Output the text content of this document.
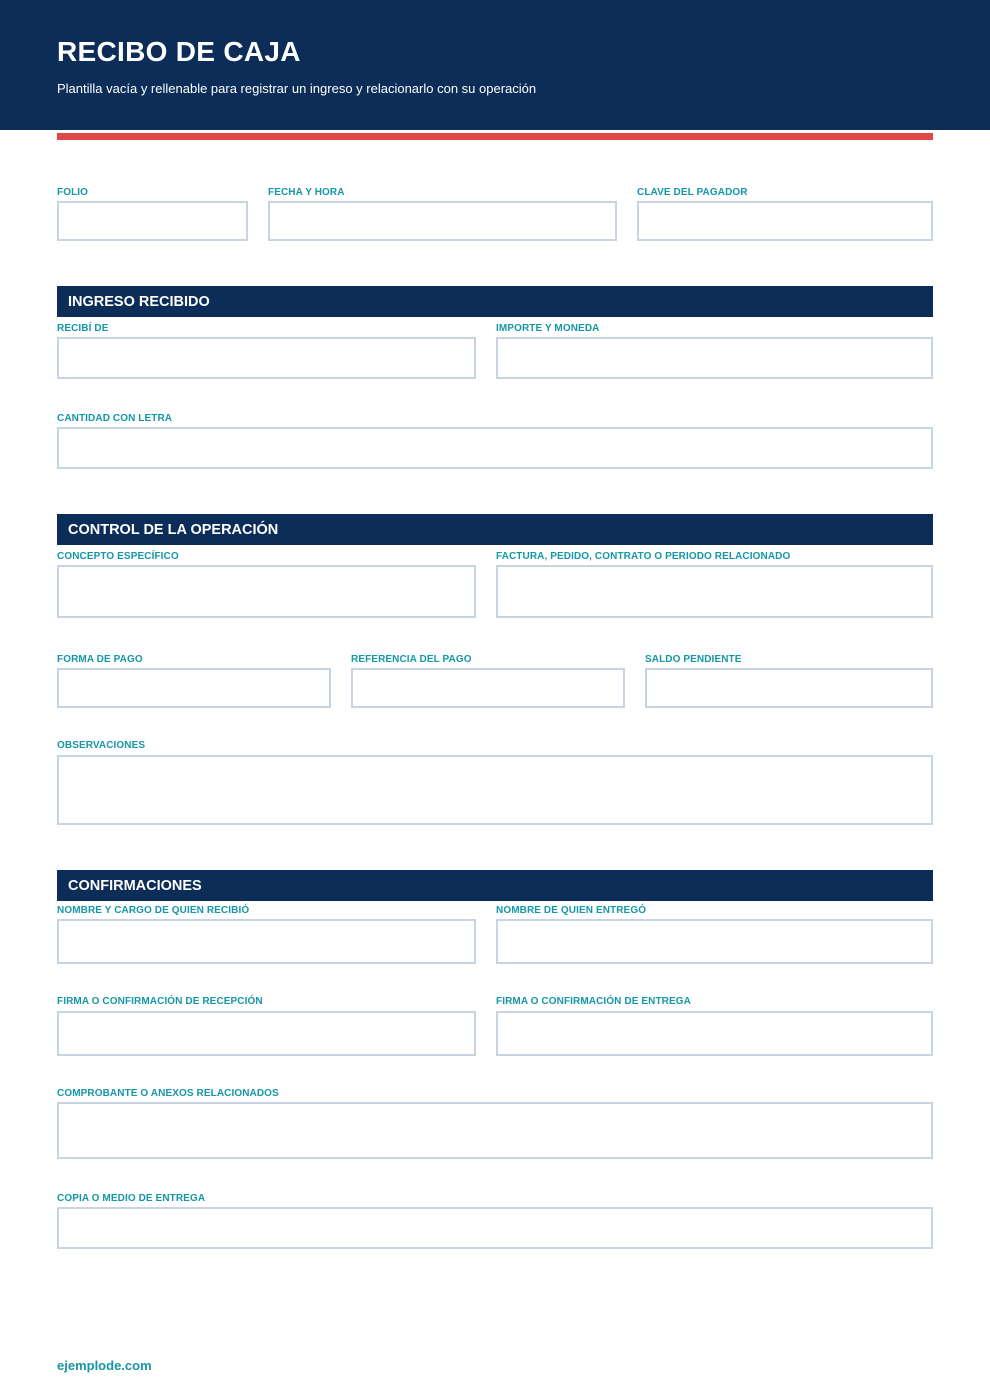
RECIBO DE CAJA
Plantilla vacía y rellenable para registrar un ingreso y relacionarlo con su operación
FOLIO	FECHA Y HORA	CLAVE DEL PAGADOR
INGRESO RECIBIDO
RECIBÍ DE	IMPORTE Y MONEDA
CANTIDAD CON LETRA
CONTROL DE LA OPERACIÓN
CONCEPTO ESPECÍFICO	FACTURA, PEDIDO, CONTRATO O PERIODO RELACIONADO
FORMA DE PAGO	REFERENCIA DEL PAGO	SALDO PENDIENTE
OBSERVACIONES
CONFIRMACIONES
NOMBRE Y CARGO DE QUIEN RECIBIÓ	NOMBRE DE QUIEN ENTREGÓ
FIRMA O CONFIRMACIÓN DE RECEPCIÓN	FIRMA O CONFIRMACIÓN DE ENTREGA
COMPROBANTE O ANEXOS RELACIONADOS
COPIA O MEDIO DE ENTREGA
ejemplode.com
